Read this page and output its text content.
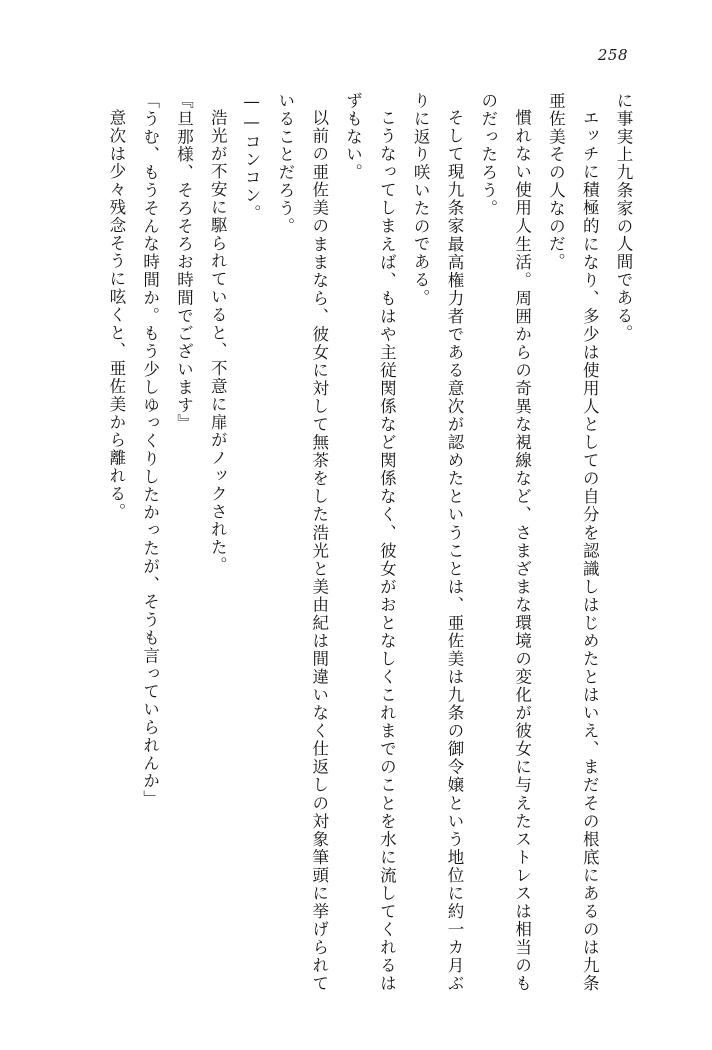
258

に事実上九条家の人間である。

エッチに積極的になり、多少は使用人としての自分を認識しはじめたとはいえ、まだその根底にあるのは九条亜佐美その人なのだ。

慣れない使用人生活。周囲からの奇異な視線など、さまざまな環境の変化が彼女に与えたストレスは相当のものだったろう。

そして現九条家最高権力者である意次が認めたということは、亜佐美は九条の御令嬢という地位に約一カ月ぶりに返り咲いたのである。

こうなってしまえば、もはや主従関係など関係なく、彼女がおとなしくこれまでのことを水に流してくれるはずもない。

以前の亜佐美のままなら、彼女に対して無茶をした浩光と美由紀は間違いなく仕返しの対象筆頭に挙げられていることだろう。

——コンコン。

浩光が不安に駆られていると、不意に扉がノックされた。

『旦那様、そろそろお時間でございます』

「うむ、もうそんな時間か。もう少しゆっくりしたかったが、そうも言っていられんか」

意次は少々残念そうに呟くと、亜佐美から離れる。
